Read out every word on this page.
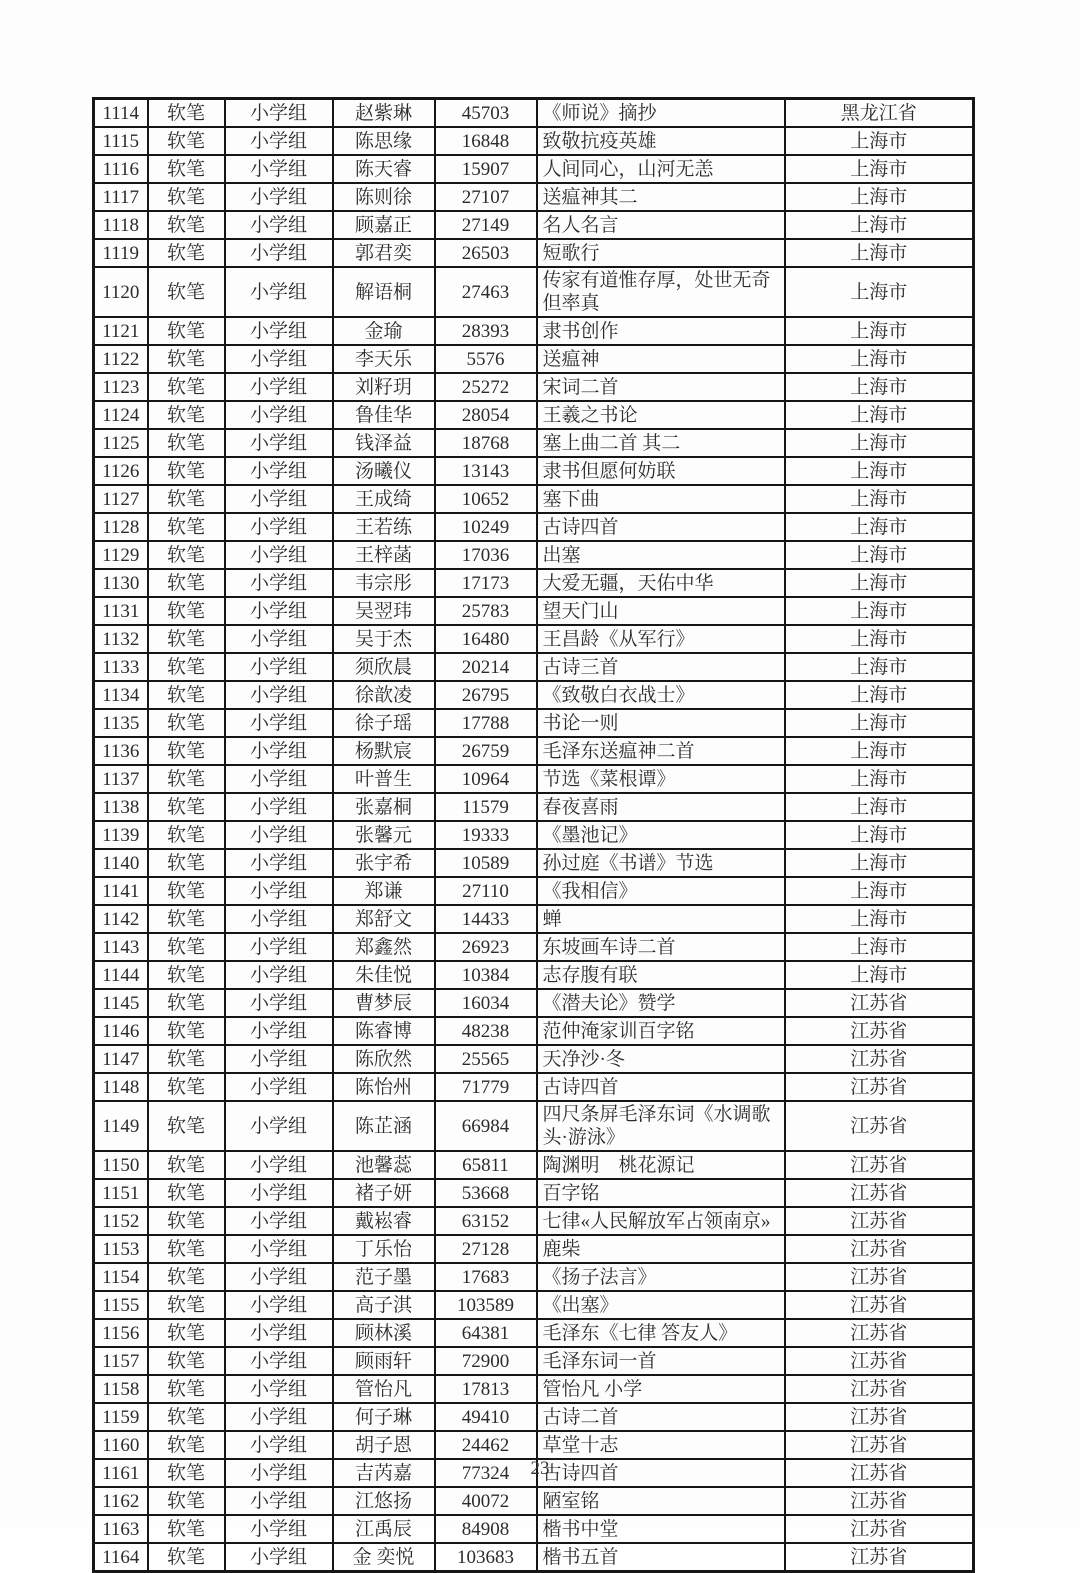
1114	软笔	小学组	赵紫琳	45703	《师说》摘抄	黑龙江省
1115	软笔	小学组	陈思缘	16848	致敬抗疫英雄	上海市
1116	软笔	小学组	陈天睿	15907	人间同心，山河无恙	上海市
1117	软笔	小学组	陈则徐	27107	送瘟神其二	上海市
1118	软笔	小学组	顾嘉正	27149	名人名言	上海市
1119	软笔	小学组	郭君奕	26503	短歌行	上海市
1120	软笔	小学组	解语桐	27463	传家有道惟存厚，处世无奇但率真	上海市
1121	软笔	小学组	金瑜	28393	隶书创作	上海市
1122	软笔	小学组	李天乐	5576	送瘟神	上海市
1123	软笔	小学组	刘籽玥	25272	宋词二首	上海市
1124	软笔	小学组	鲁佳华	28054	王羲之书论	上海市
1125	软笔	小学组	钱泽益	18768	塞上曲二首 其二	上海市
1126	软笔	小学组	汤曦仪	13143	隶书但愿何妨联	上海市
1127	软笔	小学组	王成绮	10652	塞下曲	上海市
1128	软笔	小学组	王若练	10249	古诗四首	上海市
1129	软笔	小学组	王梓菡	17036	出塞	上海市
1130	软笔	小学组	韦宗彤	17173	大爱无疆，天佑中华	上海市
1131	软笔	小学组	吴翌玮	25783	望天门山	上海市
1132	软笔	小学组	吴于杰	16480	王昌龄《从军行》	上海市
1133	软笔	小学组	须欣晨	20214	古诗三首	上海市
1134	软笔	小学组	徐歆凌	26795	《致敬白衣战士》	上海市
1135	软笔	小学组	徐子瑶	17788	书论一则	上海市
1136	软笔	小学组	杨默宸	26759	毛泽东送瘟神二首	上海市
1137	软笔	小学组	叶普生	10964	节选《菜根谭》	上海市
1138	软笔	小学组	张嘉桐	11579	春夜喜雨	上海市
1139	软笔	小学组	张馨元	19333	《墨池记》	上海市
1140	软笔	小学组	张宇希	10589	孙过庭《书谱》节选	上海市
1141	软笔	小学组	郑谦	27110	《我相信》	上海市
1142	软笔	小学组	郑舒文	14433	蝉	上海市
1143	软笔	小学组	郑鑫然	26923	东坡画车诗二首	上海市
1144	软笔	小学组	朱佳悦	10384	志存腹有联	上海市
1145	软笔	小学组	曹梦辰	16034	《潜夫论》赞学	江苏省
1146	软笔	小学组	陈睿博	48238	范仲淹家训百字铭	江苏省
1147	软笔	小学组	陈欣然	25565	天净沙·冬	江苏省
1148	软笔	小学组	陈怡州	71779	古诗四首	江苏省
1149	软笔	小学组	陈芷涵	66984	四尺条屏毛泽东词《水调歌头·游泳》	江苏省
1150	软笔	小学组	池馨蕊	65811	陶渊明　桃花源记	江苏省
1151	软笔	小学组	褚子妍	53668	百字铭	江苏省
1152	软笔	小学组	戴崧睿	63152	七律«人民解放军占领南京»	江苏省
1153	软笔	小学组	丁乐怡	27128	鹿柴	江苏省
1154	软笔	小学组	范子墨	17683	《扬子法言》	江苏省
1155	软笔	小学组	高子淇	103589	《出塞》	江苏省
1156	软笔	小学组	顾林溪	64381	毛泽东《七律 答友人》	江苏省
1157	软笔	小学组	顾雨轩	72900	毛泽东词一首	江苏省
1158	软笔	小学组	管怡凡	17813	管怡凡 小学	江苏省
1159	软笔	小学组	何子琳	49410	古诗二首	江苏省
1160	软笔	小学组	胡子恩	24462	草堂十志	江苏省
1161	软笔	小学组	吉芮嘉	77324	古诗四首	江苏省
1162	软笔	小学组	江悠扬	40072	陋室铭	江苏省
1163	软笔	小学组	江禹辰	84908	楷书中堂	江苏省
1164	软笔	小学组	金 奕悦	103683	楷书五首	江苏省
23
